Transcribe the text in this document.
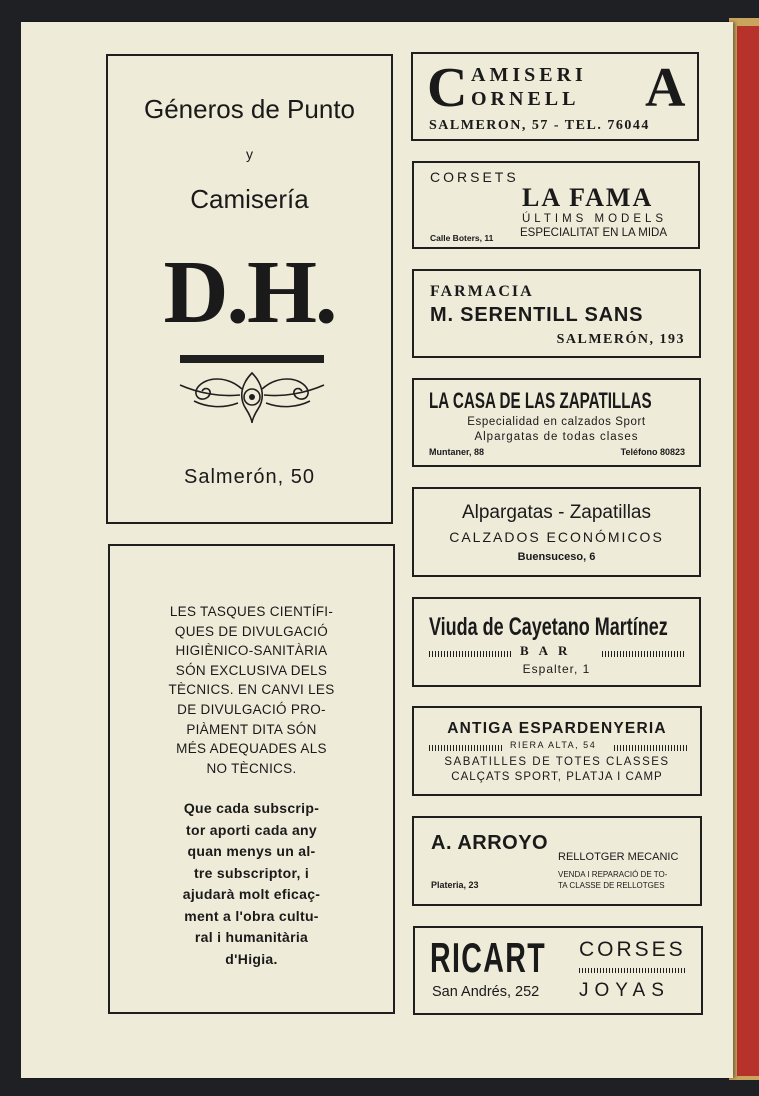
Géneros de Punto
y
Camisería
D.H.
Salmerón, 50
LES TASQUES CIENTÍFI-
QUES DE DIVULGACIÓ
HIGIÈNICO-SANITÀRIA
SÓN EXCLUSIVA DELS
TÈCNICS. EN CANVI LES
DE DIVULGACIÓ PRO-
PIÀMENT DITA SÓN
MÉS ADEQUADES ALS
NO TÈCNICS.
Que cada subscrip-
tor aporti cada any
quan menys un al-
tre subscriptor, i
ajudarà molt eficaç-
ment a l'obra cultu-
ral i humanitària
d'Higia.
C AMISERI
ORNELL A
SALMERON, 57 - TEL. 76044
CORSETS
LA FAMA
ÚLTIMS MODELS
ESPECIALITAT EN LA MIDA
Calle Boters, 11
FARMACIA
M. SERENTILL SANS
SALMERÓN, 193
LA CASA DE LAS ZAPATILLAS
Especialidad en calzados Sport
Alpargatas de todas clases
Muntaner, 88	Teléfono 80823
Alpargatas - Zapatillas
CALZADOS ECONÓMICOS
Buensuceso, 6
Viuda de Cayetano Martínez
BAR
Espalter, 1
ANTIGA ESPARDENYERIA
RIERA ALTA, 54
SABATILLES DE TOTES CLASSES
CALÇATS SPORT, PLATJA I CAMP
A. ARROYO
RELLOTGER MECANIC
VENDA I REPARACIÓ DE TO-
TA CLASSE DE RELLOTGES
Plateria, 23
RICART CORSES
San Andrés, 252 JOYAS
